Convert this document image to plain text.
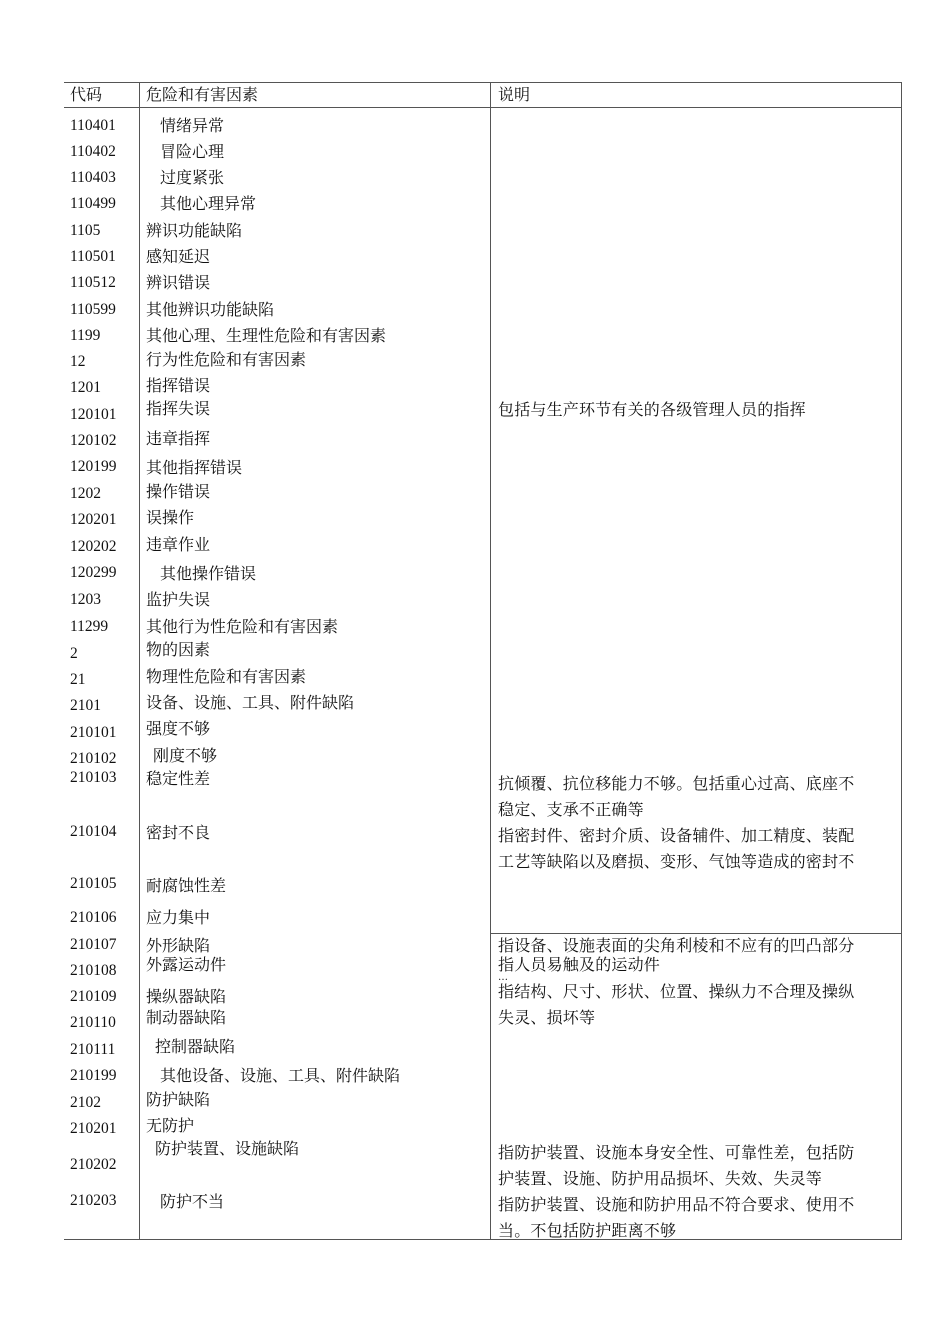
代码	危险和有害因素	说明
110401
110402
110403
110499
1105
110501
110512
110599
1199
12
1201
120101
120102
120199
1202
120201
120202
120299
1203
11299
2
21
2101
210101
210102
210103
210104
210105
210106
210107
210108
210109
210110
210111
210199
2102
210201
210202
210203
情绪异常
冒险心理
过度紧张
其他心理异常
辨识功能缺陷
感知延迟
辨识错误
其他辨识功能缺陷
其他心理、生理性危险和有害因素
行为性危险和有害因素
指挥错误
指挥失误
违章指挥
其他指挥错误
操作错误
误操作
违章作业
其他操作错误
监护失误
其他行为性危险和有害因素
物的因素
物理性危险和有害因素
设备、设施、工具、附件缺陷
强度不够
刚度不够
稳定性差
密封不良
耐腐蚀性差
应力集中
外形缺陷
外露运动件
操纵器缺陷
制动器缺陷
控制器缺陷
其他设备、设施、工具、附件缺陷
防护缺陷
无防护
防护装置、设施缺陷
防护不当
包括与生产环节有关的各级管理人员的指挥
抗倾覆、抗位移能力不够。包括重心过高、底座不
稳定、支承不正确等
指密封件、密封介质、设备辅件、加工精度、装配
工艺等缺陷以及磨损、变形、气蚀等造成的密封不
指设备、设施表面的尖角利棱和不应有的凹凸部分
指人员易触及的运动件
…
指结构、尺寸、形状、位置、操纵力不合理及操纵
失灵、损坏等
指防护装置、设施本身安全性、可靠性差，包括防
护装置、设施、防护用品损坏、失效、失灵等
指防护装置、设施和防护用品不符合要求、使用不
当。不包括防护距离不够
